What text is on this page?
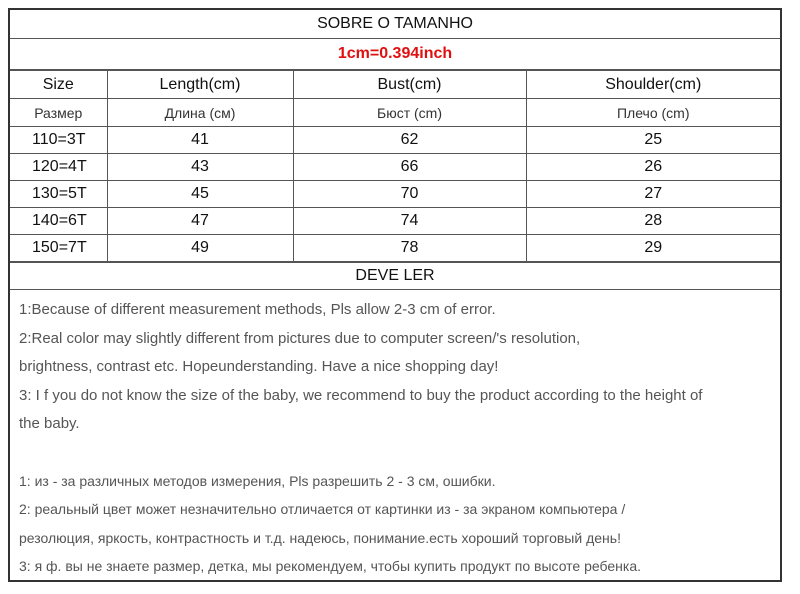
SOBRE O TAMANHO
1cm=0.394inch
Size	Length(cm)	Bust(cm)	Shoulder(cm)
Размер	Длина (см)	Бюст (cm)	Плечо (cm)
110=3T	41	62	25
120=4T	43	66	26
130=5T	45	70	27
140=6T	47	74	28
150=7T	49	78	29
DEVE LER
1:Because of different measurement methods, Pls allow 2-3 cm of error.
2:Real color may slightly different from pictures due to computer screen/'s resolution,
brightness, contrast etc. Hopeunderstanding. Have a nice shopping day!
3: I f you do not know the size of the baby, we recommend to buy the product according to the height of
the baby.
1: из - за различных методов измерения, Pls разрешить 2 - 3 см, ошибки.
2: реальный цвет может незначительно отличается от картинки из - за экраном компьютера /
резолюция, яркость, контрастность и т.д. надеюсь, понимание.есть хороший торговый день!
3: я ф. вы не знаете размер, детка, мы рекомендуем, чтобы купить продукт по высоте ребенка.
